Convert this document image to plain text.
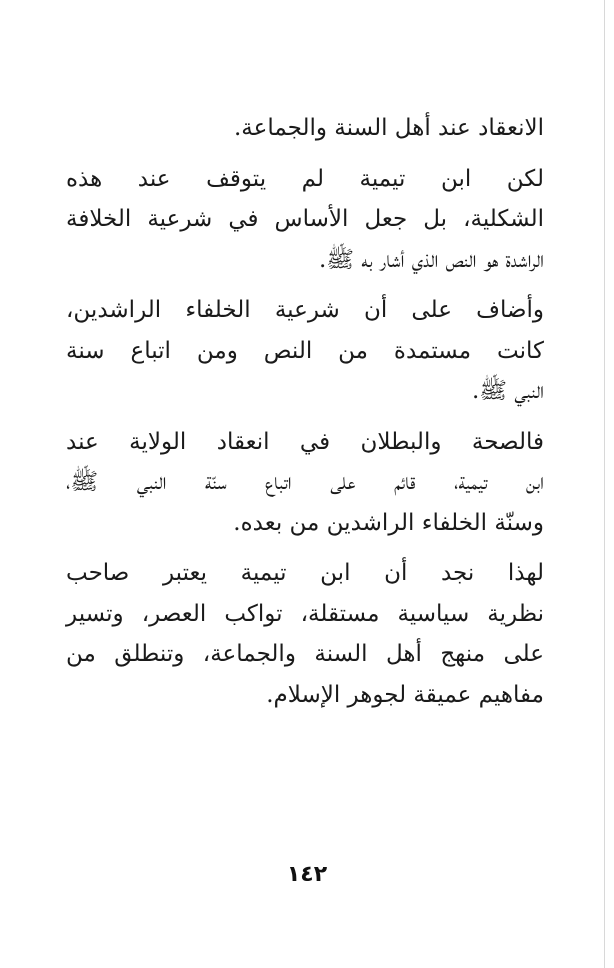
الانعقاد عند أهل السنة والجماعة.
لكن ابن تيمية لم يتوقف عند هذه
الشكلية، بل جعل الأساس في شرعية الخلافة
الراشدة هو النص الذي أشار به ﷺ.
وأضاف على أن شرعية الخلفاء الراشدين،
كانت مستمدة من النص ومن اتباع سنة
النبي ﷺ.
فالصحة والبطلان في انعقاد الولاية عند
ابن تيمية، قائم على اتباع سنّة النبي ﷺ،
وسنّة الخلفاء الراشدين من بعده.
لهذا نجد أن ابن تيمية يعتبر صاحب
نظرية سياسية مستقلة، تواكب العصر، وتسير
على منهج أهل السنة والجماعة، وتنطلق من
مفاهيم عميقة لجوهر الإسلام.
١٤٢
